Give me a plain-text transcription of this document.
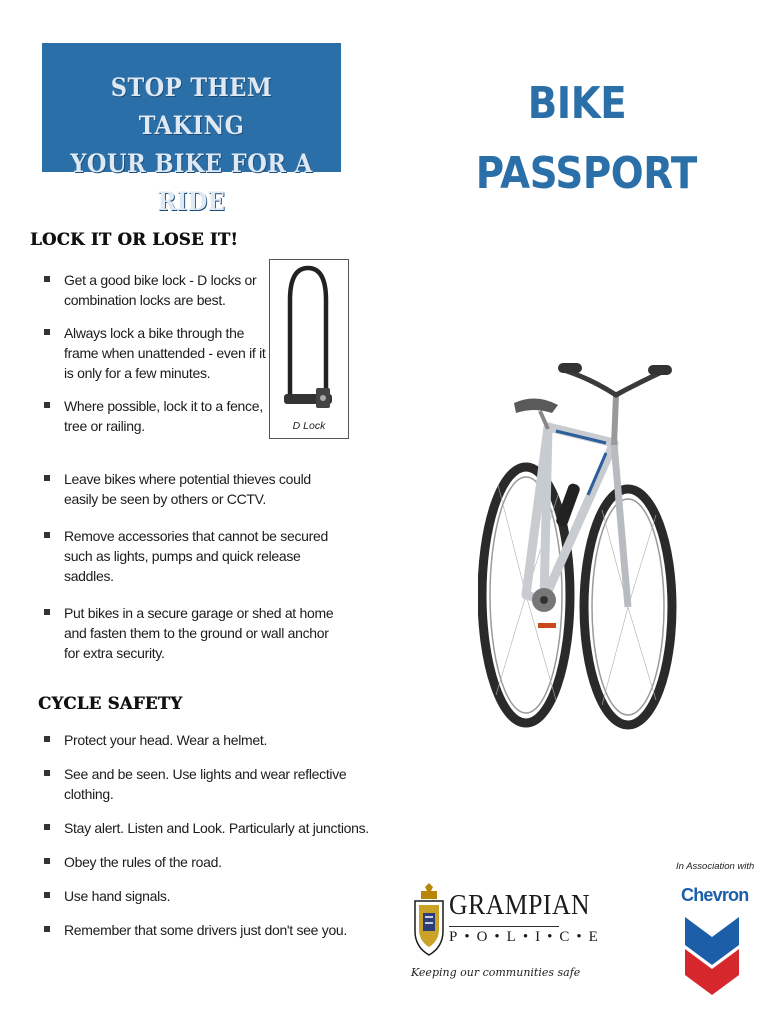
STOP THEM TAKING
YOUR BIKE FOR A RIDE
BIKE
PASSPORT
LOCK IT OR LOSE IT!
Get a good bike lock - D locks or combination locks are best.
Always lock a bike through the frame when unattended - even if it is only for a few minutes.
Where possible, lock it to a fence, tree or railing.	D Lock
Leave bikes where potential thieves could easily be seen by others or CCTV.
Remove accessories that cannot be secured such as lights, pumps and quick release saddles.
Put bikes in a secure garage or shed at home and fasten them to the ground or wall anchor for extra security.
CYCLE SAFETY
Protect your head. Wear a helmet.
See and be seen. Use lights and wear reflective clothing.
Stay alert. Listen and Look. Particularly at junctions.
Obey the rules of the road.
Use hand signals.
Remember that some drivers just don't see you.
GRAMPIAN
P•O•L•I•C•E
Keeping our communities safe
In Association with
Chevron
